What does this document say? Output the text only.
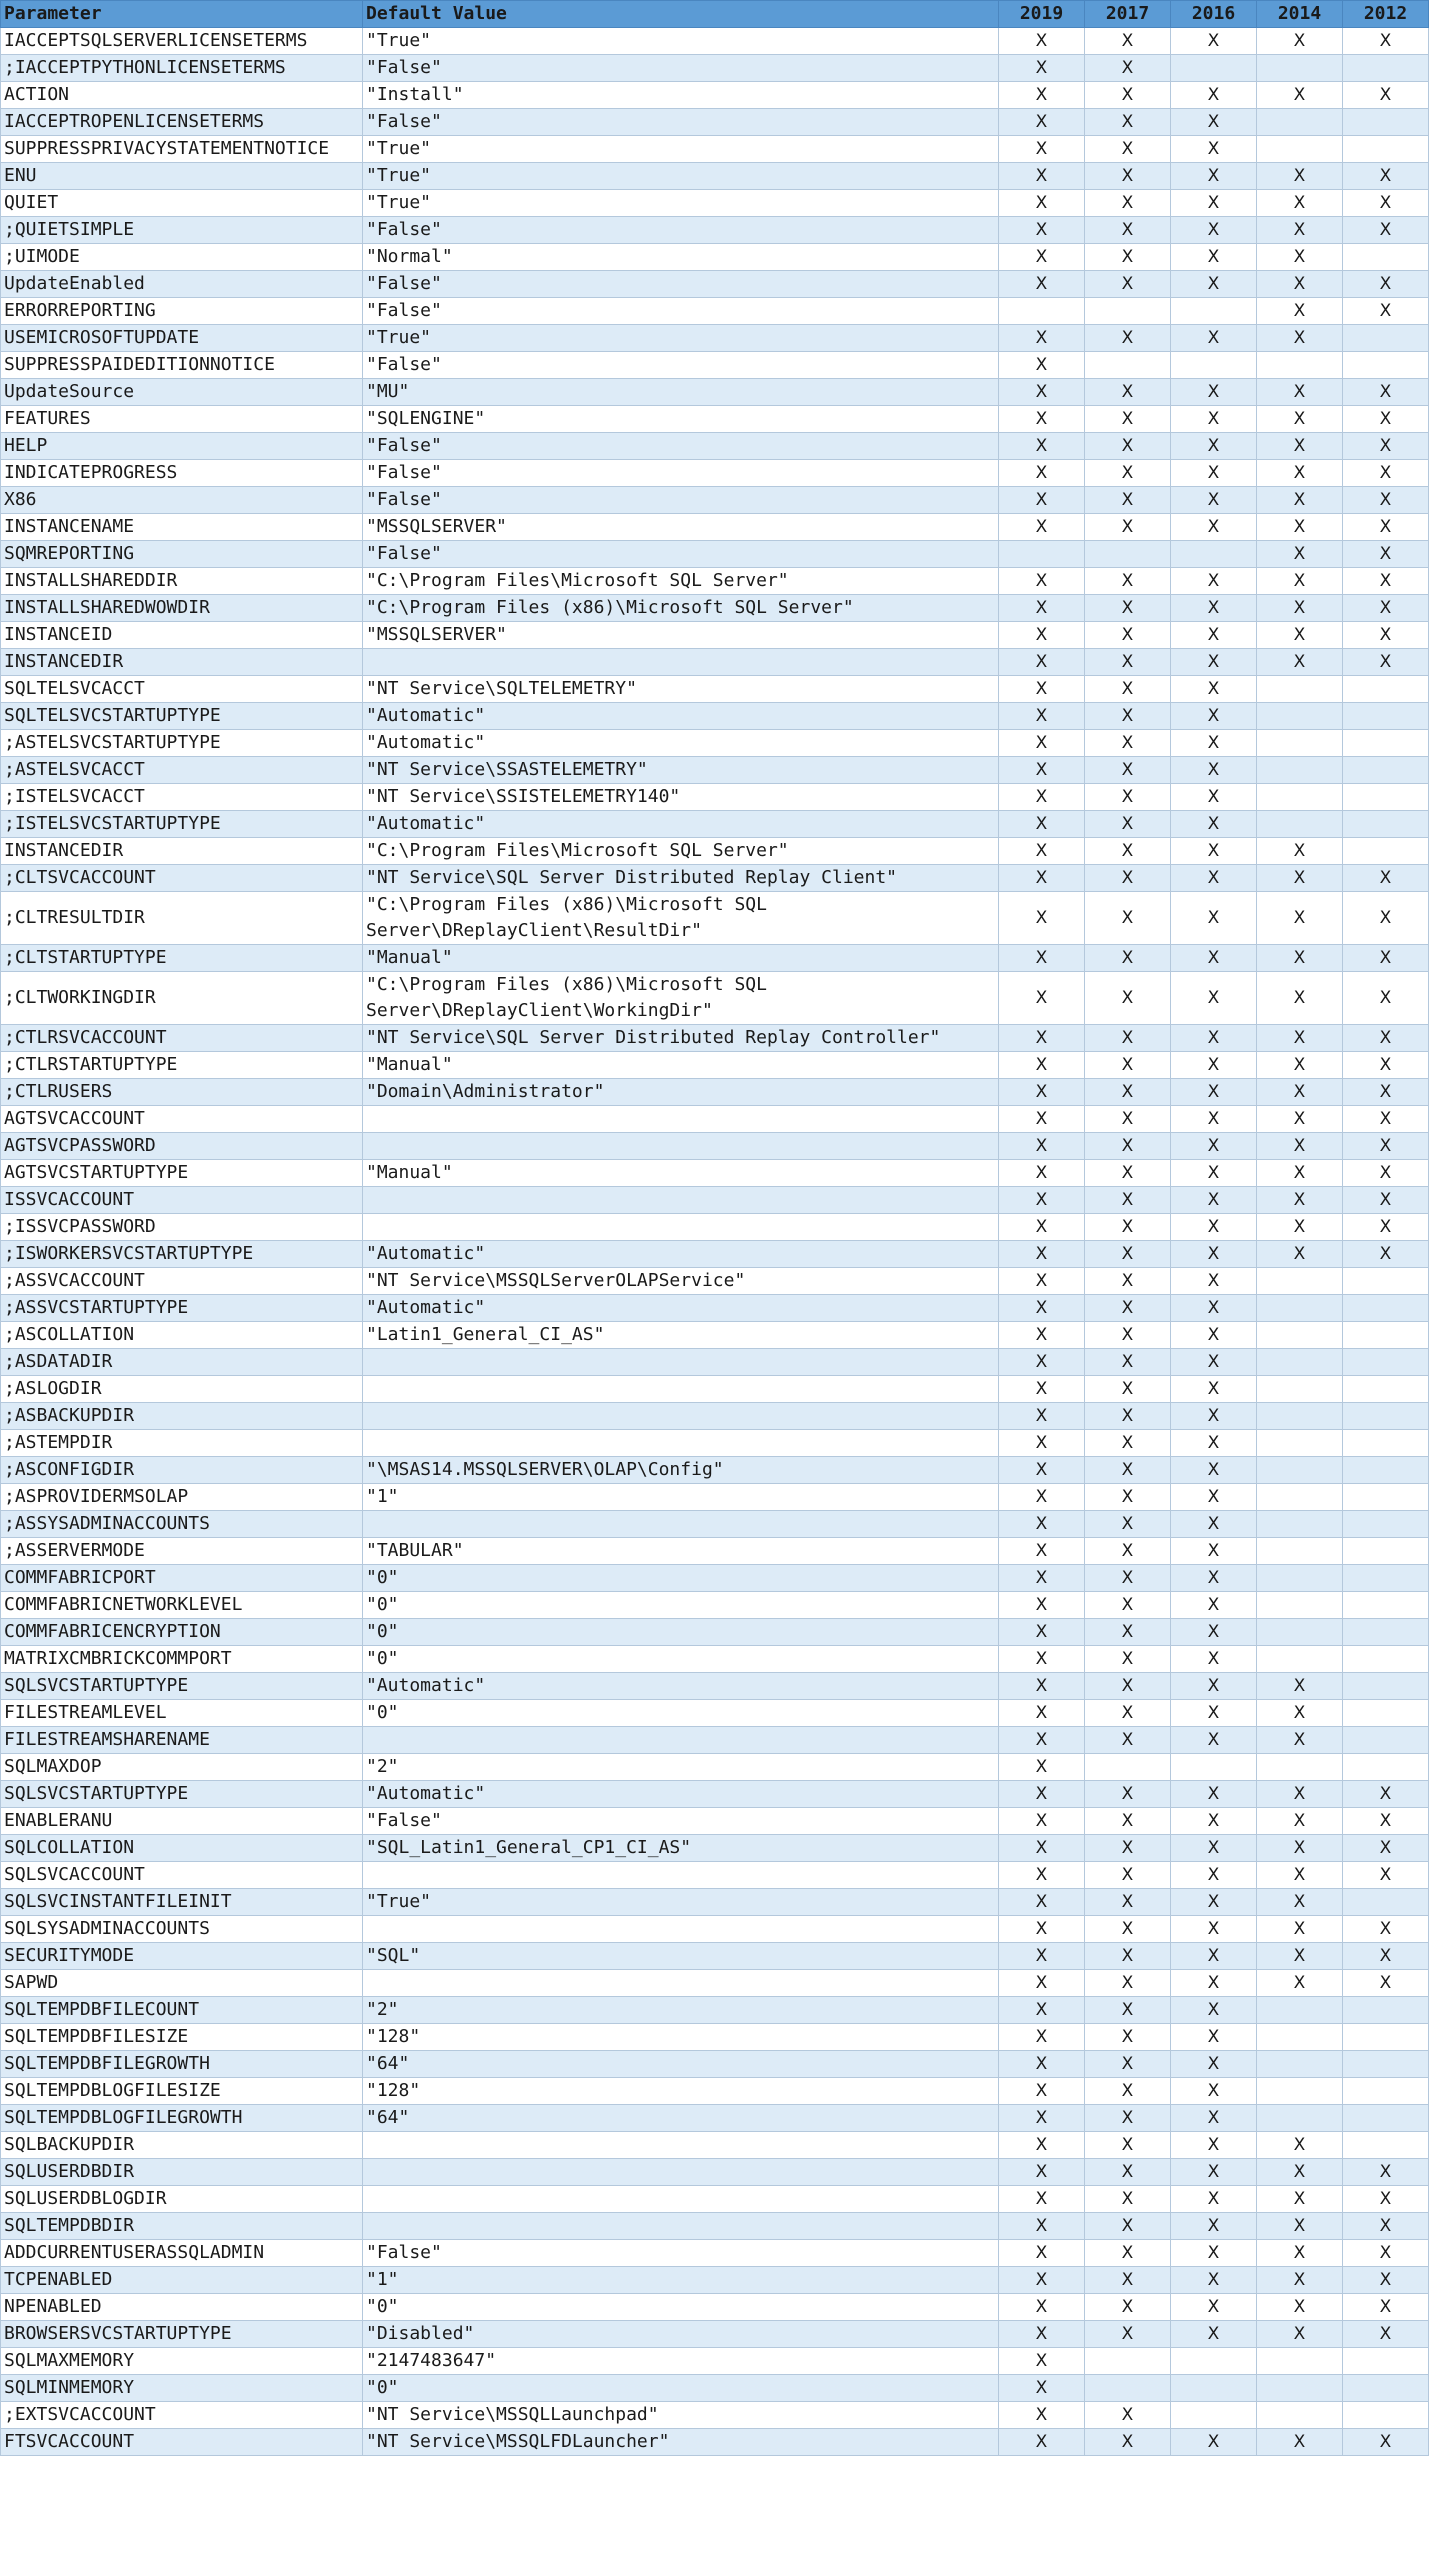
Parameter	Default Value	2019	2017	2016	2014	2012
IACCEPTSQLSERVERLICENSETERMS	"True"	X	X	X	X	X
;IACCEPTPYTHONLICENSETERMS	"False"	X	X			
ACTION	"Install"	X	X	X	X	X
IACCEPTROPENLICENSETERMS	"False"	X	X	X		
SUPPRESSPRIVACYSTATEMENTNOTICE	"True"	X	X	X		
ENU	"True"	X	X	X	X	X
QUIET	"True"	X	X	X	X	X
;QUIETSIMPLE	"False"	X	X	X	X	X
;UIMODE	"Normal"	X	X	X	X	
UpdateEnabled	"False"	X	X	X	X	X
ERRORREPORTING	"False"				X	X
USEMICROSOFTUPDATE	"True"	X	X	X	X	
SUPPRESSPAIDEDITIONNOTICE	"False"	X				
UpdateSource	"MU"	X	X	X	X	X
FEATURES	"SQLENGINE"	X	X	X	X	X
HELP	"False"	X	X	X	X	X
INDICATEPROGRESS	"False"	X	X	X	X	X
X86	"False"	X	X	X	X	X
INSTANCENAME	"MSSQLSERVER"	X	X	X	X	X
SQMREPORTING	"False"				X	X
INSTALLSHAREDDIR	"C:\Program Files\Microsoft SQL Server"	X	X	X	X	X
INSTALLSHAREDWOWDIR	"C:\Program Files (x86)\Microsoft SQL Server"	X	X	X	X	X
INSTANCEID	"MSSQLSERVER"	X	X	X	X	X
INSTANCEDIR		X	X	X	X	X
SQLTELSVCACCT	"NT Service\SQLTELEMETRY"	X	X	X		
SQLTELSVCSTARTUPTYPE	"Automatic"	X	X	X		
;ASTELSVCSTARTUPTYPE	"Automatic"	X	X	X		
;ASTELSVCACCT	"NT Service\SSASTELEMETRY"	X	X	X		
;ISTELSVCACCT	"NT Service\SSISTELEMETRY140"	X	X	X		
;ISTELSVCSTARTUPTYPE	"Automatic"	X	X	X		
INSTANCEDIR	"C:\Program Files\Microsoft SQL Server"	X	X	X	X	
;CLTSVCACCOUNT	"NT Service\SQL Server Distributed Replay Client"	X	X	X	X	X
;CLTRESULTDIR	"C:\Program Files (x86)\Microsoft SQL Server\DReplayClient\ResultDir"	X	X	X	X	X
;CLTSTARTUPTYPE	"Manual"	X	X	X	X	X
;CLTWORKINGDIR	"C:\Program Files (x86)\Microsoft SQL Server\DReplayClient\WorkingDir"	X	X	X	X	X
;CTLRSVCACCOUNT	"NT Service\SQL Server Distributed Replay Controller"	X	X	X	X	X
;CTLRSTARTUPTYPE	"Manual"	X	X	X	X	X
;CTLRUSERS	"Domain\Administrator"	X	X	X	X	X
AGTSVCACCOUNT		X	X	X	X	X
AGTSVCPASSWORD		X	X	X	X	X
AGTSVCSTARTUPTYPE	"Manual"	X	X	X	X	X
ISSVCACCOUNT		X	X	X	X	X
;ISSVCPASSWORD		X	X	X	X	X
;ISWORKERSVCSTARTUPTYPE	"Automatic"	X	X	X	X	X
;ASSVCACCOUNT	"NT Service\MSSQLServerOLAPService"	X	X	X		
;ASSVCSTARTUPTYPE	"Automatic"	X	X	X		
;ASCOLLATION	"Latin1_General_CI_AS"	X	X	X		
;ASDATADIR		X	X	X		
;ASLOGDIR		X	X	X		
;ASBACKUPDIR		X	X	X		
;ASTEMPDIR		X	X	X		
;ASCONFIGDIR	"\MSAS14.MSSQLSERVER\OLAP\Config"	X	X	X		
;ASPROVIDERMSOLAP	"1"	X	X	X		
;ASSYSADMINACCOUNTS		X	X	X		
;ASSERVERMODE	"TABULAR"	X	X	X		
COMMFABRICPORT	"0"	X	X	X		
COMMFABRICNETWORKLEVEL	"0"	X	X	X		
COMMFABRICENCRYPTION	"0"	X	X	X		
MATRIXCMBRICKCOMMPORT	"0"	X	X	X		
SQLSVCSTARTUPTYPE	"Automatic"	X	X	X	X	
FILESTREAMLEVEL	"0"	X	X	X	X	
FILESTREAMSHARENAME		X	X	X	X	
SQLMAXDOP	"2"	X				
SQLSVCSTARTUPTYPE	"Automatic"	X	X	X	X	X
ENABLERANU	"False"	X	X	X	X	X
SQLCOLLATION	"SQL_Latin1_General_CP1_CI_AS"	X	X	X	X	X
SQLSVCACCOUNT		X	X	X	X	X
SQLSVCINSTANTFILEINIT	"True"	X	X	X	X	
SQLSYSADMINACCOUNTS		X	X	X	X	X
SECURITYMODE	"SQL"	X	X	X	X	X
SAPWD		X	X	X	X	X
SQLTEMPDBFILECOUNT	"2"	X	X	X		
SQLTEMPDBFILESIZE	"128"	X	X	X		
SQLTEMPDBFILEGROWTH	"64"	X	X	X		
SQLTEMPDBLOGFILESIZE	"128"	X	X	X		
SQLTEMPDBLOGFILEGROWTH	"64"	X	X	X		
SQLBACKUPDIR		X	X	X	X	
SQLUSERDBDIR		X	X	X	X	X
SQLUSERDBLOGDIR		X	X	X	X	X
SQLTEMPDBDIR		X	X	X	X	X
ADDCURRENTUSERASSQLADMIN	"False"	X	X	X	X	X
TCPENABLED	"1"	X	X	X	X	X
NPENABLED	"0"	X	X	X	X	X
BROWSERSVCSTARTUPTYPE	"Disabled"	X	X	X	X	X
SQLMAXMEMORY	"2147483647"	X				
SQLMINMEMORY	"0"	X				
;EXTSVCACCOUNT	"NT Service\MSSQLLaunchpad"	X	X			
FTSVCACCOUNT	"NT Service\MSSQLFDLauncher"	X	X	X	X	X
